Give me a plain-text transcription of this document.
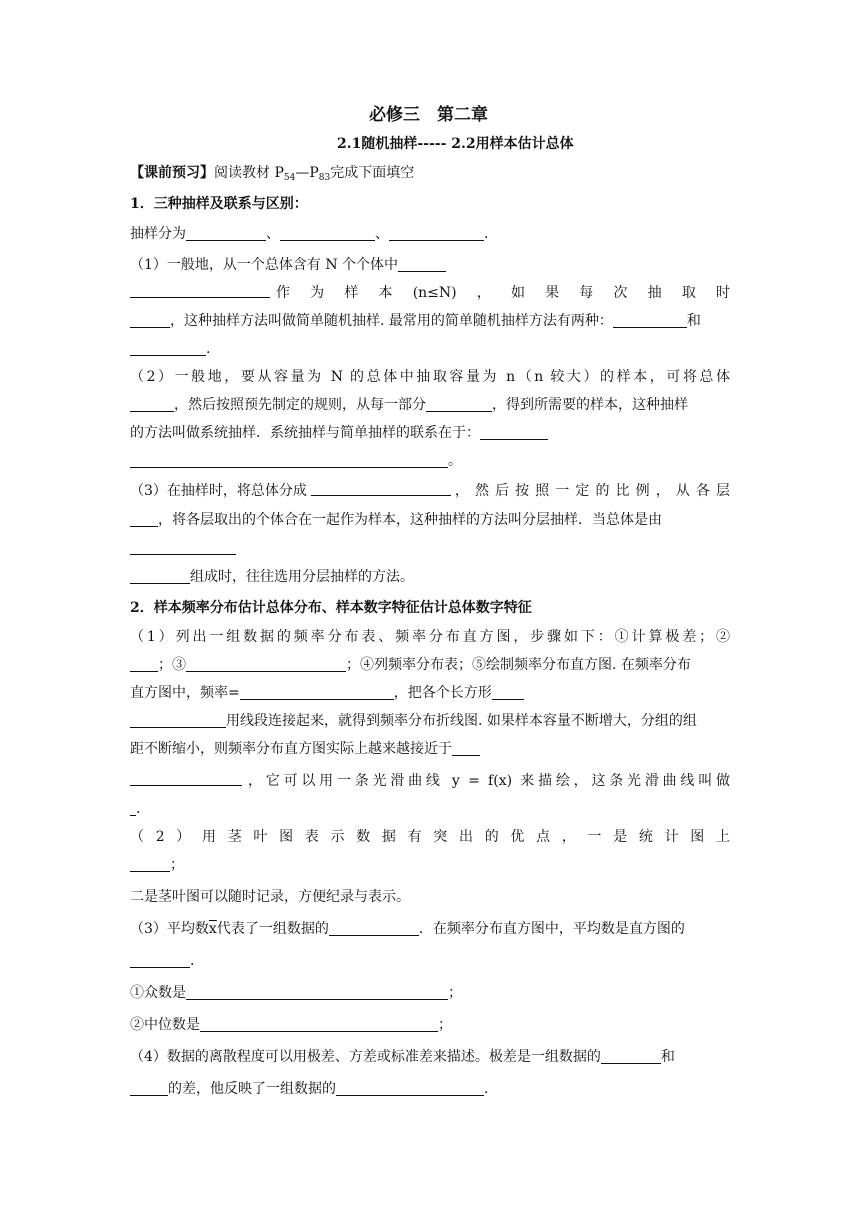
必修三　第二章
2.1随机抽样----- 2.2用样本估计总体
【课前预习】阅读教材 $P_{54}—P_{83}$完成下面填空
1．三种抽样及联系与区别：
抽样分为	、	、	.
（1）一般地，从一个总体含有 N 个个体中
作 为 样 本 (n≤N) ， 如 果 每 次 抽 取 时
，这种抽样方法叫做简单随机抽样. 最常用的简单随机抽样方法有两种：	和
.
（2）一般地，要从容量为 N 的总体中抽取容量为 n（n 较大）的样本，可将总体
，然后按照预先制定的规则，从每一部分	，得到所需要的样本，这种抽样
的方法叫做系统抽样．系统抽样与简单抽样的联系在于：
。
（3）在抽样时，将总体分成	，然后按照一定的比例，从各层
，将各层取出的个体合在一起作为样本，这种抽样的方法叫分层抽样．当总体是由
组成时，往往选用分层抽样的方法。
2．样本频率分布估计总体分布、样本数字特征估计总体数字特征
（1）列出一组数据的频率分布表、频率分布直方图，步骤如下：①计算极差；②
；③	；④列频率分布表；⑤绘制频率分布直方图. 在频率分布
直方图中，频率=	，把各个长方形
用线段连接起来，就得到频率分布折线图. 如果样本容量不断增大，分组的组
距不断缩小，则频率分布直方图实际上越来越接近于
，它可以用一条光滑曲线 y = f(x) 来描绘，这条光滑曲线叫做
.
（2）用茎叶图表示数据有突出的优点，一是统计图上
；
二是茎叶图可以随时记录，方便纪录与表示。
（3）平均数$\overline{x}$代表了一组数据的	．在频率分布直方图中，平均数是直方图的
.
①众数是	；
②中位数是	；
（4）数据的离散程度可以用极差、方差或标准差来描述。极差是一组数据的	和
的差，他反映了一组数据的	.
